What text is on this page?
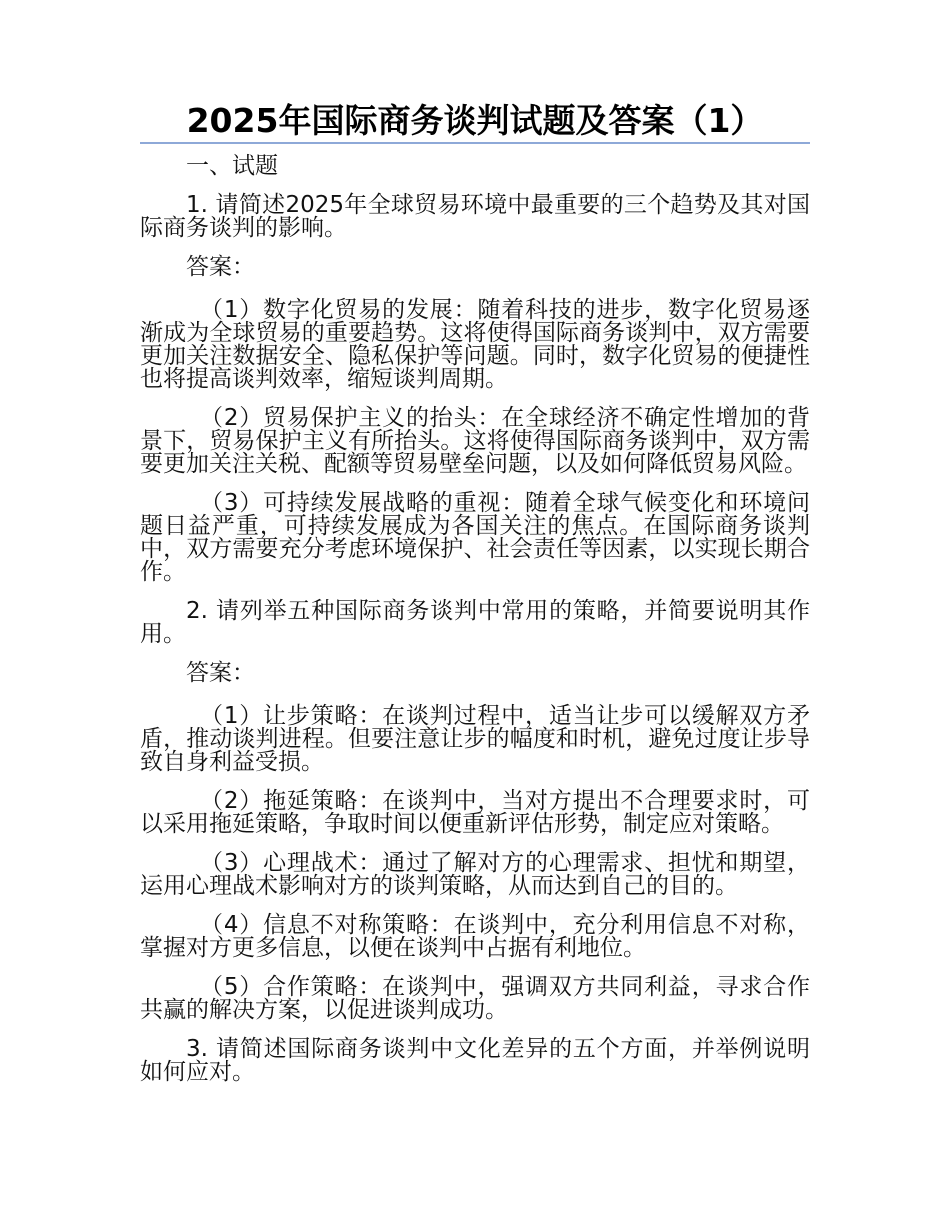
2025年国际商务谈判试题及答案（1）

一、试题

1. 请简述2025年全球贸易环境中最重要的三个趋势及其对国际商务谈判的影响。

答案：

（1）数字化贸易的发展：随着科技的进步，数字化贸易逐渐成为全球贸易的重要趋势。这将使得国际商务谈判中，双方需要更加关注数据安全、隐私保护等问题。同时，数字化贸易的便捷性也将提高谈判效率，缩短谈判周期。

（2）贸易保护主义的抬头：在全球经济不确定性增加的背景下，贸易保护主义有所抬头。这将使得国际商务谈判中，双方需要更加关注关税、配额等贸易壁垒问题，以及如何降低贸易风险。

（3）可持续发展战略的重视：随着全球气候变化和环境问题日益严重，可持续发展成为各国关注的焦点。在国际商务谈判中，双方需要充分考虑环境保护、社会责任等因素，以实现长期合作。

2. 请列举五种国际商务谈判中常用的策略，并简要说明其作用。

答案：

（1）让步策略：在谈判过程中，适当让步可以缓解双方矛盾，推动谈判进程。但要注意让步的幅度和时机，避免过度让步导致自身利益受损。

（2）拖延策略：在谈判中，当对方提出不合理要求时，可以采用拖延策略，争取时间以便重新评估形势，制定应对策略。

（3）心理战术：通过了解对方的心理需求、担忧和期望，运用心理战术影响对方的谈判策略，从而达到自己的目的。

（4）信息不对称策略：在谈判中，充分利用信息不对称，掌握对方更多信息，以便在谈判中占据有利地位。

（5）合作策略：在谈判中，强调双方共同利益，寻求合作共赢的解决方案，以促进谈判成功。

3. 请简述国际商务谈判中文化差异的五个方面，并举例说明如何应对。
